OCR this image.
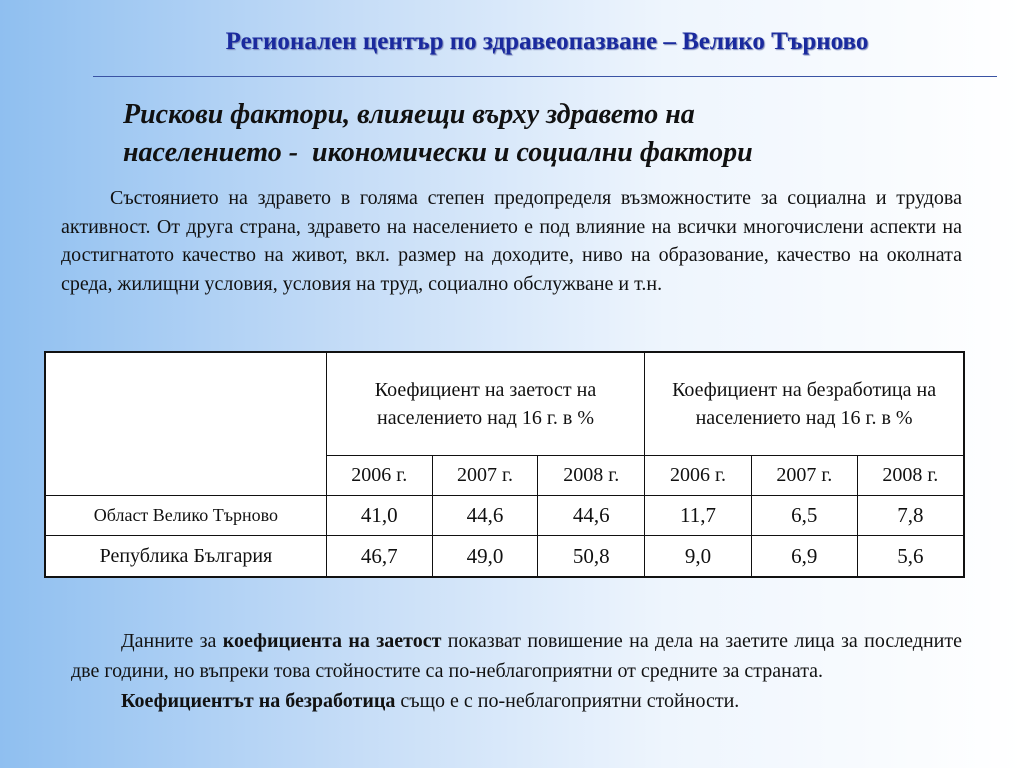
Регионален център по здравеопазване – Велико Търново
Рискови фактори, влияещи върху здравето на
населението -  икономически и социални фактори

Състоянието на здравето в голяма степен предопределя възможностите за социална и трудова активност. От друга страна, здравето на населението е под влияние на всички многочислени аспекти на достигнатото качество на живот, вкл. размер на доходите, ниво на образование, качество на околната среда, жилищни условия, условия на труд, социално обслужване и т.н.

	Коефициент на заетост на населението над 16 г. в %			Коефициент на безработица на населението над 16 г. в %		
	2006 г.	2007 г.	2008 г.	2006 г.	2007 г.	2008 г.
Област Велико Търново	41,0	44,6	44,6	11,7	6,5	7,8
Република България	46,7	49,0	50,8	9,0	6,9	5,6

Данните за коефициента на заетост показват повишение на дела на заетите лица за последните две години, но въпреки това стойностите са по-неблагоприятни от средните за страната.

Коефициентът на безработица също е с по-неблагоприятни стойности.
